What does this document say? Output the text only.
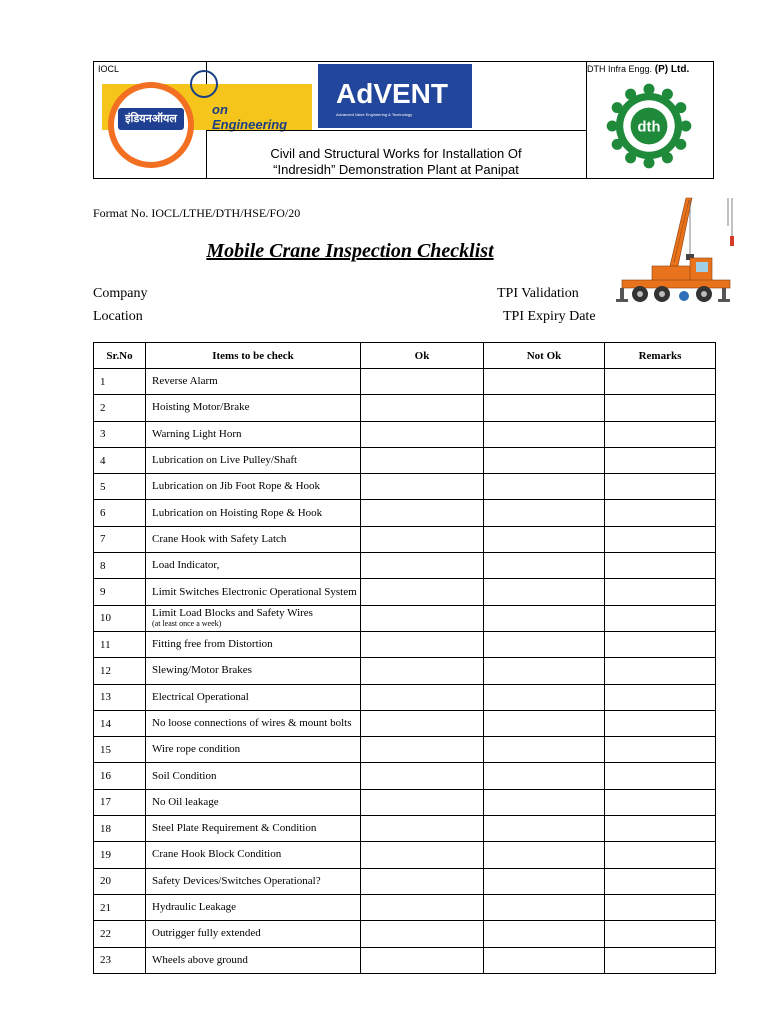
IOCL
इंडियनऑयल
on Engineering
AdVENT
Advanced Valve Engineering & Technology
Civil and Structural Works for Installation Of
“Indresidh” Demonstration Plant at Panipat
DTH Infra Engg. (P) Ltd.
dth
Format No. IOCL/LTHE/DTH/HSE/FO/20
Mobile Crane Inspection Checklist
Company
Location
TPI Validation
TPI Expiry Date
Sr.No	Items to be check	Ok	Not Ok	Remarks
1	Reverse Alarm			
2	Hoisting Motor/Brake			
3	Warning Light Horn			
4	Lubrication on Live Pulley/Shaft			
5	Lubrication on Jib Foot Rope & Hook			
6	Lubrication on Hoisting Rope & Hook			
7	Crane Hook with Safety Latch			
8	Load Indicator,			
9	Limit Switches Electronic Operational System			
10	Limit Load Blocks and Safety Wires
(at least once a week)			

11	Fitting free from Distortion			
12	Slewing/Motor Brakes			
13	Electrical Operational			
14	No loose connections of wires & mount bolts			
15	Wire rope condition			
16	Soil Condition			
17	No Oil leakage			
18	Steel Plate Requirement & Condition			
19	Crane Hook Block Condition			
20	Safety Devices/Switches Operational?			
21	Hydraulic Leakage			
22	Outrigger fully extended			
23	Wheels above ground			
